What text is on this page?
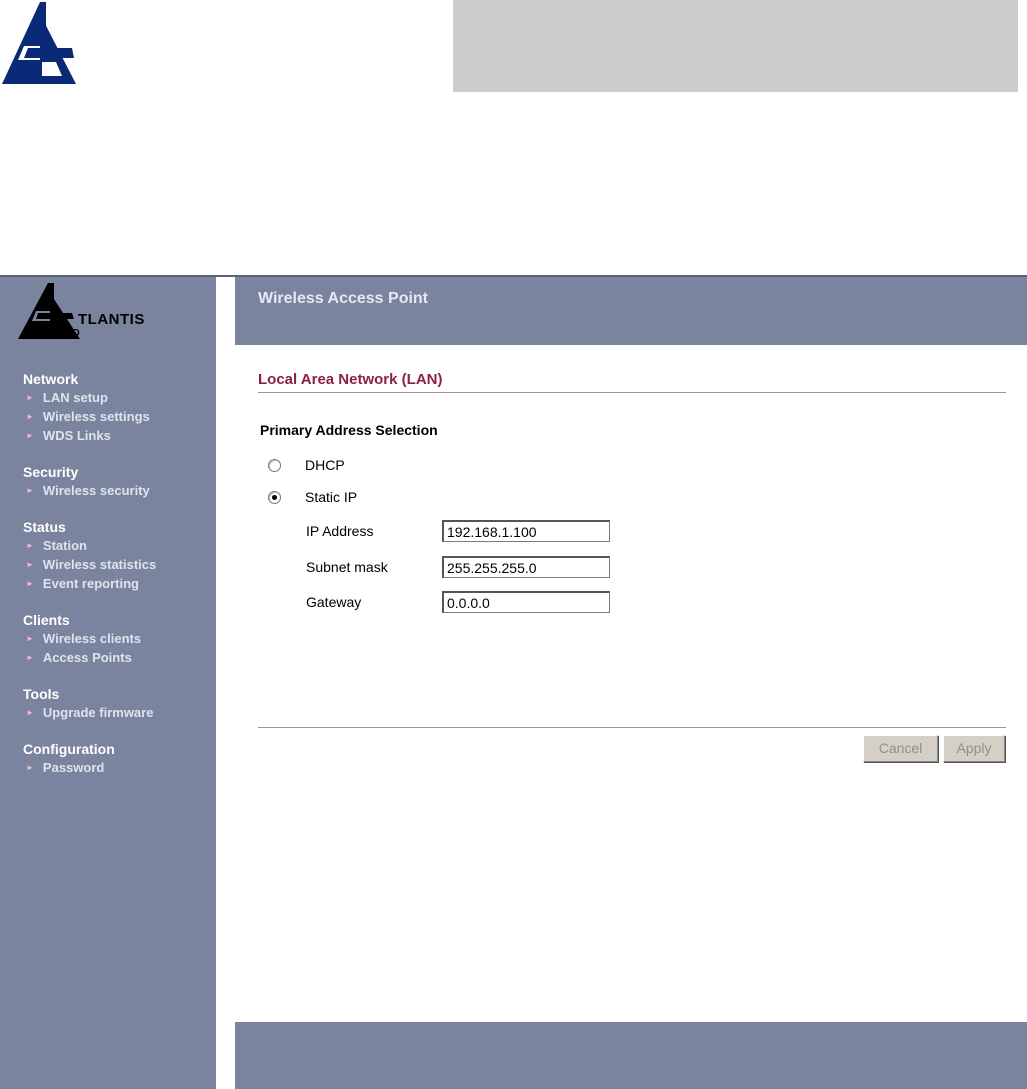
TLANTIS
AND
Network
► LAN setup
► Wireless settings
► WDS Links
Security
► Wireless security
Status
► Station
► Wireless statistics
► Event reporting
Clients
► Wireless clients
► Access Points
Tools
► Upgrade firmware
Configuration
► Password
Wireless Access Point
Local Area Network (LAN)
Primary Address Selection
DHCP
Static IP
IP Address
192.168.1.100
Subnet mask
255.255.255.0
Gateway
0.0.0.0
Cancel	Apply
